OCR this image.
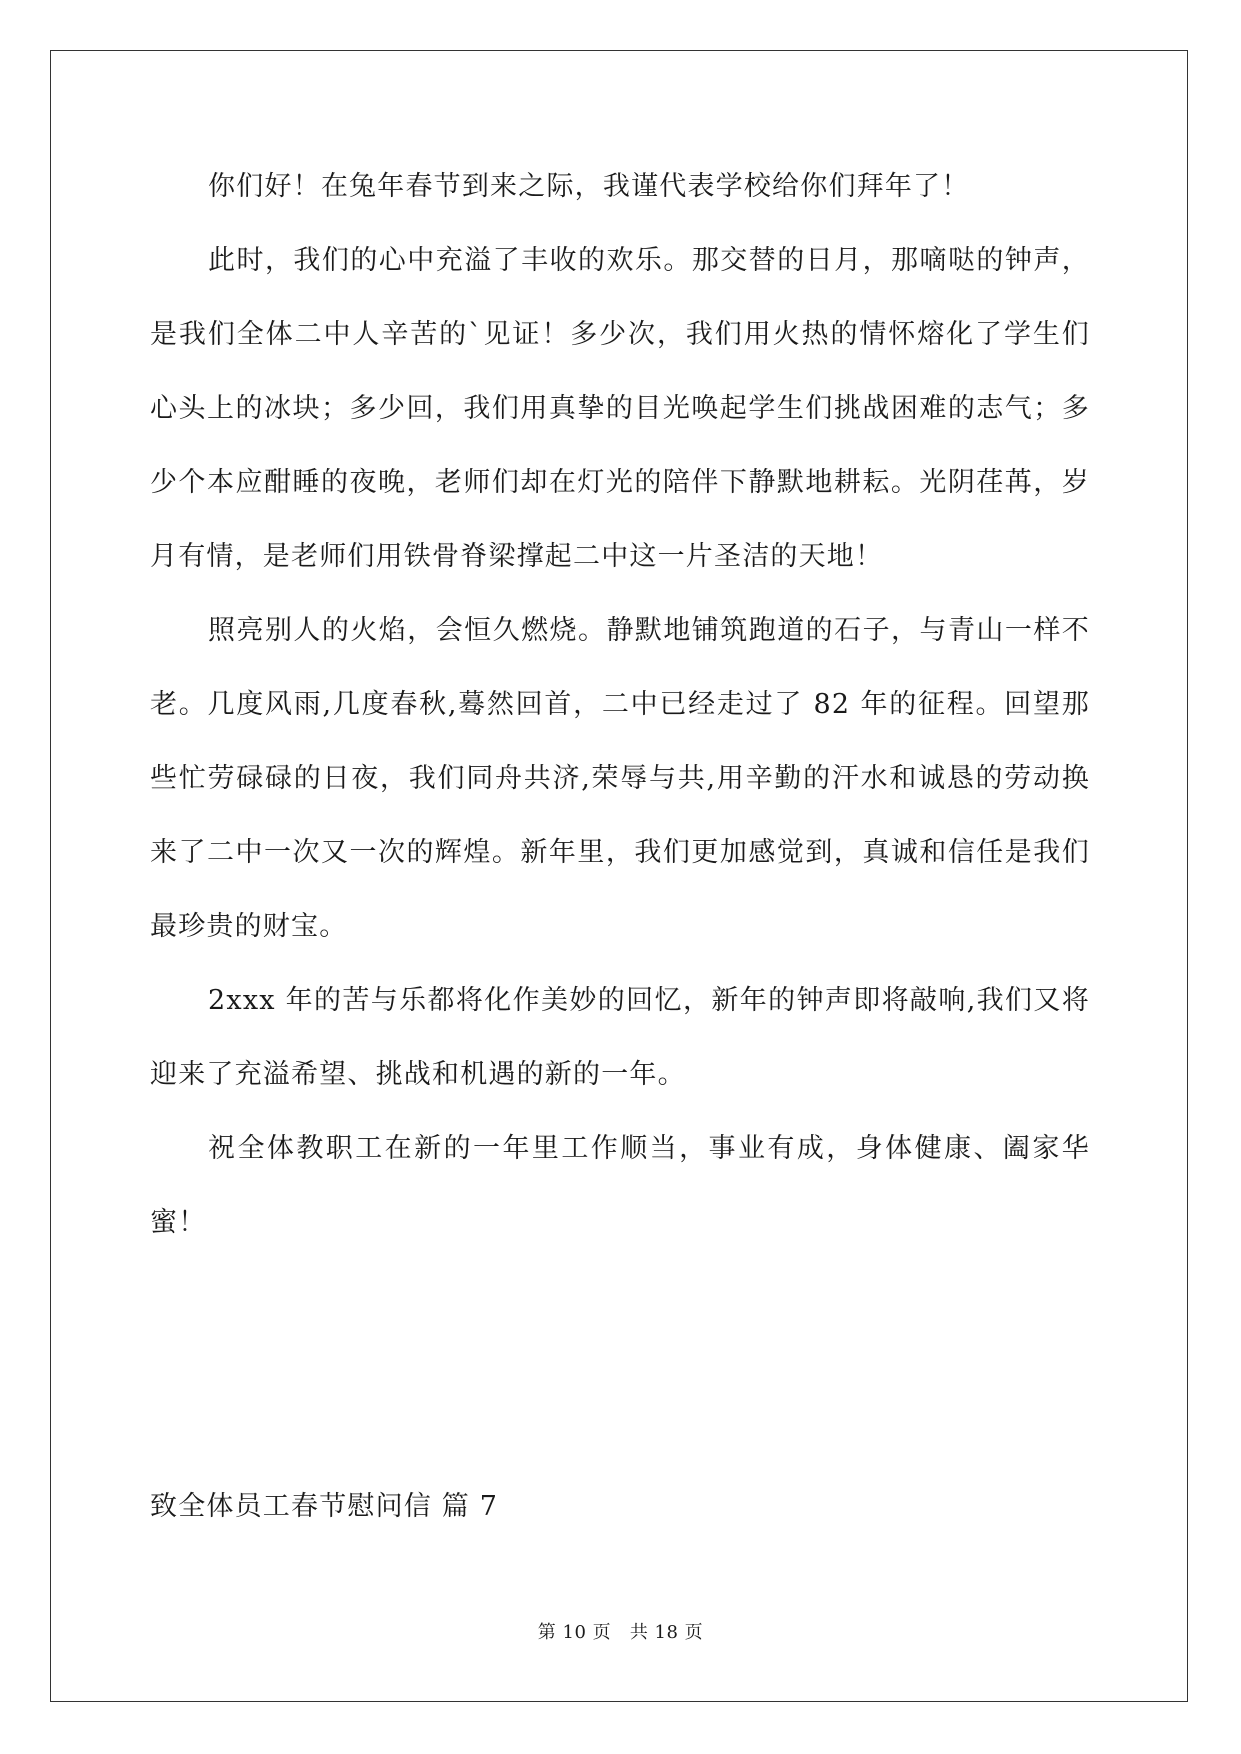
你们好！在兔年春节到来之际，我谨代表学校给你们拜年了！

此时，我们的心中充溢了丰收的欢乐。那交替的日月，那嘀哒的钟声，是我们全体二中人辛苦的`见证！多少次，我们用火热的情怀熔化了学生们心头上的冰块；多少回，我们用真挚的目光唤起学生们挑战困难的志气；多少个本应酣睡的夜晚，老师们却在灯光的陪伴下静默地耕耘。光阴荏苒，岁月有情，是老师们用铁骨脊梁撑起二中这一片圣洁的天地！

照亮别人的火焰，会恒久燃烧。静默地铺筑跑道的石子，与青山一样不老。几度风雨,几度春秋,蓦然回首，二中已经走过了 82 年的征程。回望那些忙劳碌碌的日夜，我们同舟共济,荣辱与共,用辛勤的汗水和诚恳的劳动换来了二中一次又一次的辉煌。新年里，我们更加感觉到，真诚和信任是我们最珍贵的财宝。

2xxx 年的苦与乐都将化作美妙的回忆，新年的钟声即将敲响,我们又将迎来了充溢希望、挑战和机遇的新的一年。

祝全体教职工在新的一年里工作顺当，事业有成，身体健康、阖家华蜜！

致全体员工春节慰问信 篇 7
第 10 页 共 18 页
